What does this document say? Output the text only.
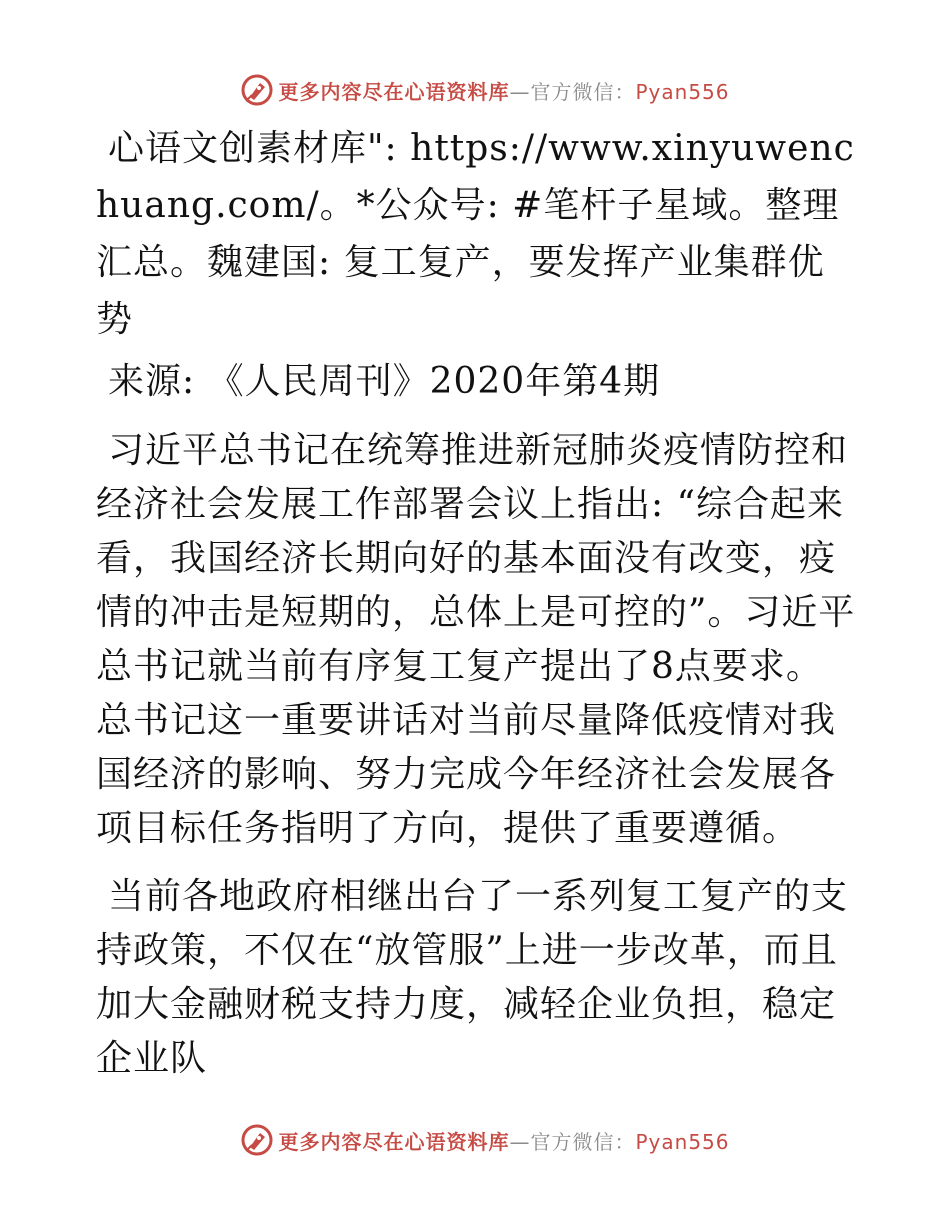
更多内容尽在心语资料库—官方微信：Pyan556

心语文创素材库": https://www.xinyuwenchuang.com/。*公众号: #笔杆子星域。整理汇总。魏建国: 复工复产，要发挥产业集群优势

来源: 《人民周刊》2020年第4期

习近平总书记在统筹推进新冠肺炎疫情防控和经济社会发展工作部署会议上指出: “综合起来看，我国经济长期向好的基本面没有改变，疫情的冲击是短期的，总体上是可控的”。习近平总书记就当前有序复工复产提出了8点要求。总书记这一重要讲话对当前尽量降低疫情对我国经济的影响、努力完成今年经济社会发展各项目标任务指明了方向，提供了重要遵循。

当前各地政府相继出台了一系列复工复产的支持政策，不仅在“放管服”上进一步改革，而且加大金融财税支持力度，减轻企业负担，稳定企业队

更多内容尽在心语资料库—官方微信：Pyan556
